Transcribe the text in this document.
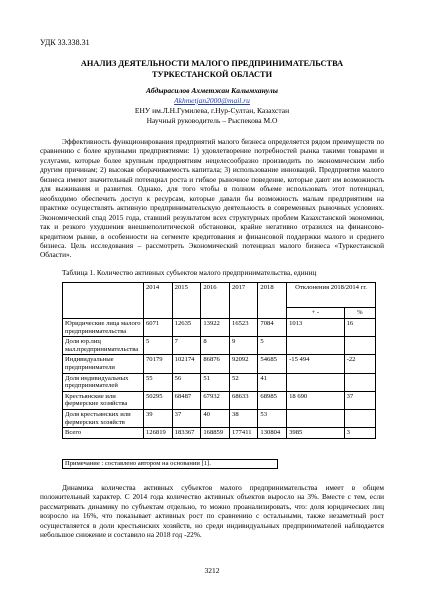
УДК 33.338.31
АНАЛИЗ ДЕЯТЕЛЬНОСТИ МАЛОГО ПРЕДПРИНИМАТЕЛЬСТВА
ТУРКЕСТАНСКОЙ ОБЛАСТИ
Абдырасилов Ахметжан Калымханулы
Akhmetjan2000@mail.ru
ЕНУ им.Л.Н.Гумилева, г.Нур-Султан, Казахстан
Научный руководитель – Рыспекова М.О

Эффективность функционирования предприятий малого бизнеса определяется рядом преимуществ по сравнению с более крупными предприятиями: 1) удовлетворение потребностей рынка такими товарами и услугами, которые более крупным предприятиям нецелесообразно производить по экономическим либо другим причинам; 2) высокая оборачиваемость капитала; 3) использование инноваций. Предприятия малого бизнеса имеют значительный потенциал роста и гибкое рыночное поведение, которые дают им возможность для выживания и развития. Однако, для того чтобы в полном объеме использовать этот потенциал, необходимо обеспечить доступ к ресурсам, которые давали бы возможность малым предприятиям на практике осуществлять активную предпринимательскую деятельность в современных рыночных условиях. Экономический спад 2015 года, ставший результатом всех структурных проблем Казахстанской экономики, так и резкого ухудшения внешнеполитической обстановки, крайне негативно отразился на финансово-кредитном рынке, в особенности на сегменте кредитования и финансовой поддержки малого и среднего бизнеса. Цель исследования – рассмотреть Экономический потенциал малого бизнеса «Туркестанской Области».

Таблица 1. Количество активных субъектов малого предпринимательства, единиц
	2014	2015	2016	2017	2018	Отклонения 2018/2014 гг.	
						+ -	%
Юридические лица малого предпринимательства	6071	12635	13922	16523	7084	1013	16
Доля юр.лиц мал.предпринимательства	5	7	8	9	5		
Индивидуальные предприниматели	70179	102174	86876	92092	54685	-15 494	-22
Доля индивидуальных предпринимателей	55	56	51	52	41		
Крестьянские или фермерские хозяйства	50295	68487	67932	68633	68985	18 690	37
Доля крестьянских или фермерских хозяйств	39	37	40	38	53		
Всего	126819	183367	168859	177411	130804	3985	3
Примечание : составлено автором на основании [1].

Динамика количества активных субъектов малого предпринимательства имеет в общем положительный характер. С 2014 года количество активных объектов выросло на 3%. Вместе с тем, если рассматривать динамику по субъектам отдельно, то можно проанализировать, что: доля юридических лиц возросло на 16%, что показывает активных рост по сравнению с остальными, также незаметный рост осуществляется в доли крестьянских хозяйств, но среди индивидуальных предпринимателей наблюдается небольшое снижение и составило на 2018 год -22%.

3212
